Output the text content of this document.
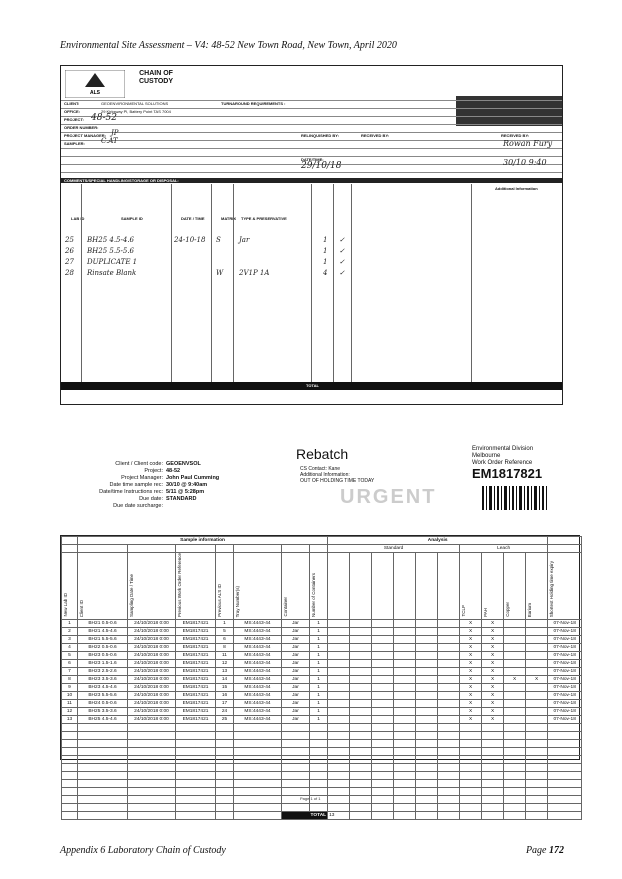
Environmental Site Assessment – V4: 48-52 New Town Road, New Town, April 2020
ALS
CHAIN OF CUSTODY
COMMENTS/SPECIAL HANDLING/STORAGE OR DISPOSAL:
CLIENT:	GEOENVIRONMENTAL SOLUTIONS
OFFICE:	29 Kirksway Pl, Battery Point TAS 7004
PROJECT: 48-52
ORDER NUMBER:
PROJECT MANAGER: JP
SAMPLER: C.AT
TURNAROUND REQUIREMENTS :
RELINQUISHED BY:
DATE/TIME:
29/10/18
RECEIVED BY:	RECEIVED BY:
Rowan Fury
30/10 9:40
LAB ID	SAMPLE ID	DATE / TIME	MATRIX TYPE & PRESERVATIVE
Additional Information
25 BH25 4.5-4.6	24-10-18 S	Jar	1 ✓
26 BH25 5.5-5.6	1 ✓
27 DUPLICATE 1	1 ✓
28 Rinsate Blank	W 2V1P 1A	4 ✓
TOTAL
Rebatch
CS Contact: Kane
Additional Information:
OUT OF HOLDING TIME TODAY
URGENT
Client / Client code: GEOENVSOL
Project: 48-52
Project Manager: John Paul Cumming
Date time sample rec: 30/10 @ 9:40am
Date/time Instructions rec: 5/11 @ 5:28pm
Due date: STANDARD
Due date surcharge:
Environmental Division
Melbourne
Work Order Reference
EM1817821
	Sample information							Analysis											
								Standard						Leach					
New Lab ID	Client ID	Sampling Date / Time	Previous Work Order Reference	Previous ALS ID	Tray Number(s)	Container	Number of Containers							TCLP	PAH	Copper	Barium	Shortest Holding time expiry	
1	BH21 0.5-0.6	24/10/2018 0:00	EM1817421	1	MS:4443-44	Jar	1							X	X			07-Nov-18	
2	BH21 4.5-4.6	24/10/2018 0:00	EM1817421	5	MS:4443-44	Jar	1							X	X			07-Nov-18	
3	BH21 5.5-5.6	24/10/2018 0:00	EM1817421	6	MS:4443-44	Jar	1							X	X			07-Nov-18	
4	BH22 0.5-0.6	24/10/2018 0:00	EM1817421	8	MS:4443-44	Jar	1							X	X			07-Nov-18	
5	BH23 0.5-0.6	24/10/2018 0:00	EM1817421	11	MS:4443-44	Jar	1							X	X			07-Nov-18	
6	BH23 1.5-1.6	24/10/2018 0:00	EM1817421	12	MS:4443-44	Jar	1							X	X			07-Nov-18	
7	BH23 2.5-2.6	24/10/2018 0:00	EM1817421	13	MS:4443-44	Jar	1							X	X			07-Nov-18	
8	BH23 3.5-3.6	24/10/2018 0:00	EM1817421	14	MS:4443-44	Jar	1							X	X	X	X	07-Nov-18	
9	BH23 4.5-4.6	24/10/2018 0:00	EM1817421	15	MS:4443-44	Jar	1							X	X			07-Nov-18	
10	BH23 5.5-5.6	24/10/2018 0:00	EM1817421	16	MS:4443-44	Jar	1							X	X			07-Nov-18	
11	BH24 0.5-0.6	24/10/2018 0:00	EM1817421	17	MS:4443-44	Jar	1							X	X			07-Nov-18	
12	BH25 3.5-3.6	24/10/2018 0:00	EM1817421	24	MS:4443-44	Jar	1							X	X			07-Nov-18	
13	BH25 4.5-4.6	24/10/2018 0:00	EM1817421	25	MS:4443-44	Jar	1							X	X			07-Nov-18	

						TOTAL		13											
Page 1 of 1
Appendix 6 Laboratory Chain of Custody	Page 172
